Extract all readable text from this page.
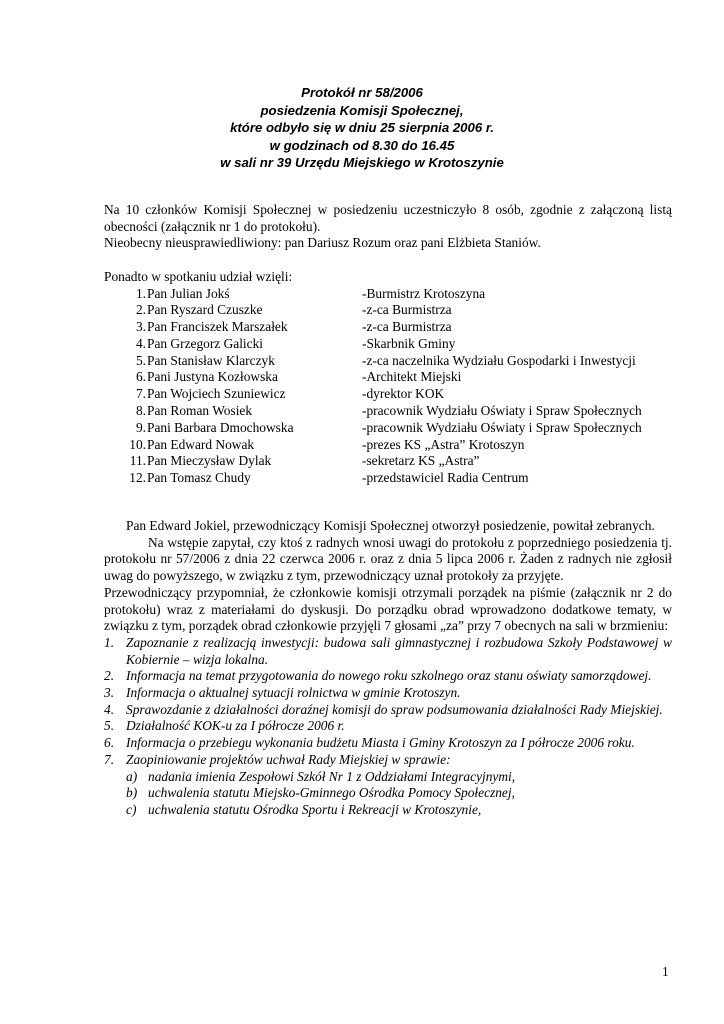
Protokół nr 58/2006
posiedzenia Komisji Społecznej,
które odbyło się w dniu 25 sierpnia 2006 r.
w godzinach od 8.30 do 16.45
w sali nr 39 Urzędu Miejskiego w Krotoszynie
Na 10 członków Komisji Społecznej w posiedzeniu uczestniczyło 8 osób, zgodnie z załączoną listą obecności (załącznik nr 1 do protokołu).
Nieobecny nieusprawiedliwiony: pan Dariusz Rozum oraz pani Elżbieta Staniów.
Ponadto w spotkaniu udział wzięli:
1. Pan Julian Jokś	-Burmistrz Krotoszyna
2. Pan Ryszard Czuszke	-z-ca Burmistrza
3. Pan Franciszek Marszałek	-z-ca Burmistrza
4. Pan Grzegorz Galicki	-Skarbnik Gminy
5. Pan Stanisław Klarczyk	-z-ca naczelnika Wydziału Gospodarki i Inwestycji
6. Pani Justyna Kozłowska	-Architekt Miejski
7. Pan Wojciech Szuniewicz	-dyrektor KOK
8. Pan Roman Wosiek	-pracownik Wydziału Oświaty i Spraw Społecznych
9. Pani Barbara Dmochowska	-pracownik Wydziału Oświaty i Spraw Społecznych
10. Pan Edward Nowak	-prezes KS „Astra” Krotoszyn
11. Pan Mieczysław Dylak	-sekretarz KS „Astra”
12. Pan Tomasz Chudy	-przedstawiciel Radia Centrum
Pan Edward Jokiel, przewodniczący Komisji Społecznej otworzył posiedzenie, powitał zebranych.
Na wstępie zapytał, czy ktoś z radnych wnosi uwagi do protokołu z poprzedniego posiedzenia tj. protokołu nr 57/2006 z dnia 22 czerwca 2006 r. oraz z dnia 5 lipca 2006 r. Żaden z radnych nie zgłosił uwag do powyższego, w związku z tym, przewodniczący uznał protokoły za przyjęte.
Przewodniczący przypomniał, że członkowie komisji otrzymali porządek na piśmie (załącznik nr 2 do protokołu) wraz z materiałami do dyskusji. Do porządku obrad wprowadzono dodatkowe tematy, w związku z tym, porządek obrad członkowie przyjęli 7 głosami „za” przy 7 obecnych na sali w brzmieniu:
1. Zapoznanie z realizacją inwestycji: budowa sali gimnastycznej i rozbudowa Szkoły Podstawowej w Kobiernie – wizja lokalna.
2. Informacja na temat przygotowania do nowego roku szkolnego oraz stanu oświaty samorządowej.
3. Informacja o aktualnej sytuacji rolnictwa w gminie Krotoszyn.
4. Sprawozdanie z działalności doraźnej komisji do spraw podsumowania działalności Rady Miejskiej.
5. Działalność KOK-u za I półrocze 2006 r.
6. Informacja o przebiegu wykonania budżetu Miasta i Gminy Krotoszyn za I półrocze 2006 roku.
7. Zaopiniowanie projektów uchwał Rady Miejskiej w sprawie:
a) nadania imienia Zespołowi Szkół Nr 1 z Oddziałami Integracyjnymi,
b) uchwalenia statutu Miejsko-Gminnego Ośrodka Pomocy Społecznej,
c) uchwalenia statutu Ośrodka Sportu i Rekreacji w Krotoszynie,
1
